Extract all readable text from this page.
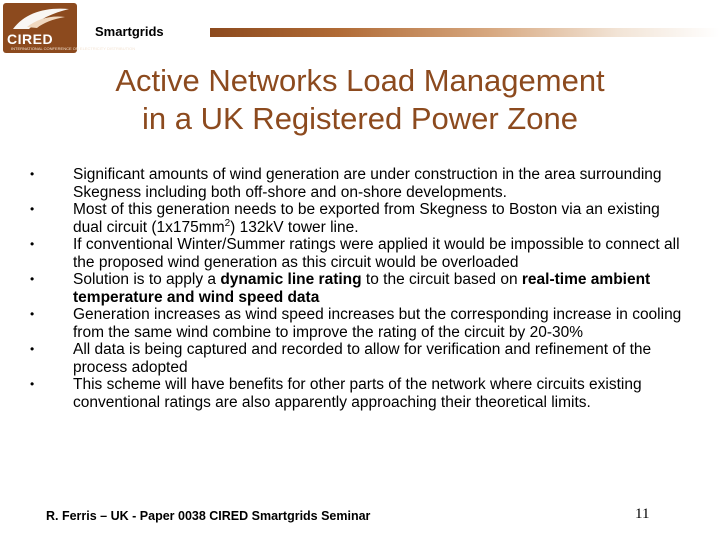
CIRED
INTERNATIONAL CONFERENCE ON ELECTRICITY DISTRIBUTION
Smartgrids
Active Networks Load Management
in a UK Registered Power Zone
•	Significant amounts of wind generation are under construction in the area surrounding Skegness including both off-shore and on-shore developments.
•	Most of this generation needs to be exported from Skegness to Boston via an existing dual circuit $(1x175mm^2)$ 132kV tower line.
•	If conventional Winter/Summer ratings were applied it would be impossible to connect all the proposed wind generation as this circuit would be overloaded
•	Solution is to apply a dynamic line rating to the circuit based on real-time ambient temperature and wind speed data
•	Generation increases as wind speed increases but the corresponding increase in cooling from the same wind combine to improve the rating of the circuit by 20-30%
•	All data is being captured and recorded to allow for verification and refinement of the process adopted
•	This scheme will have benefits for other parts of the network where circuits existing conventional ratings are also apparently approaching their theoretical limits.
R. Ferris – UK - Paper 0038 CIRED Smartgrids Seminar	11
